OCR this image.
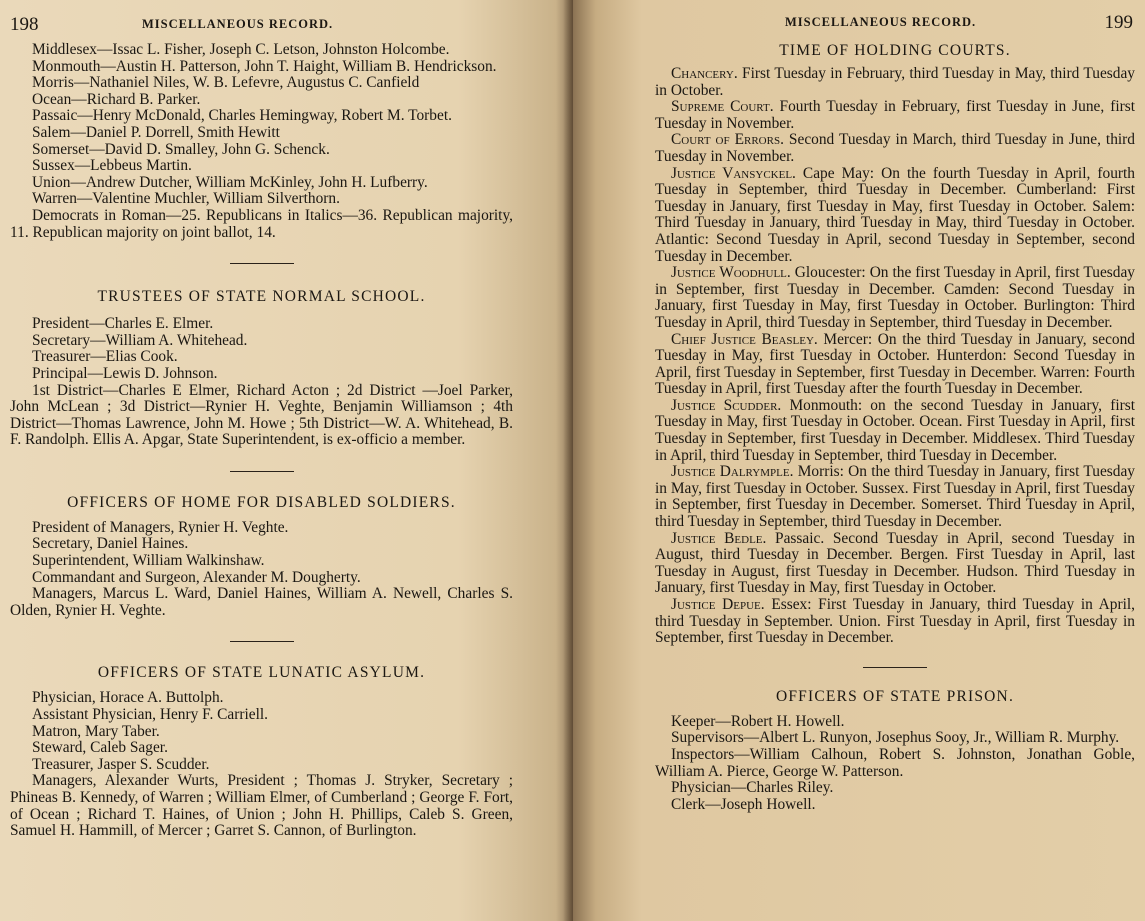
198	MISCELLANEOUS RECORD.

Middlesex—Issac L. Fisher, Joseph C. Letson, Johnston Holcombe.

Monmouth—Austin H. Patterson, John T. Haight, William B. Hendrickson.

Morris—Nathaniel Niles, W. B. Lefevre, Augustus C. Canfield

Ocean—Richard B. Parker.

Passaic—Henry McDonald, Charles Hemingway, Robert M. Torbet.

Salem—Daniel P. Dorrell, Smith Hewitt

Somerset—David D. Smalley, John G. Schenck.

Sussex—Lebbeus Martin.

Union—Andrew Dutcher, William McKinley, John H. Lufberry.

Warren—Valentine Muchler, William Silverthorn.

Democrats in Roman—25. Republicans in Italics—36. Republican majority, 11. Republican majority on joint ballot, 14.

TRUSTEES OF STATE NORMAL SCHOOL.

President—Charles E. Elmer.

Secretary—William A. Whitehead.

Treasurer—Elias Cook.

Principal—Lewis D. Johnson.

1st District—Charles E Elmer, Richard Acton ; 2d District —Joel Parker, John McLean ; 3d District—Rynier H. Veghte, Benjamin Williamson ; 4th District—Thomas Lawrence, John M. Howe ; 5th District—W. A. Whitehead, B. F. Randolph. Ellis A. Apgar, State Superintendent, is ex-officio a member.

OFFICERS OF HOME FOR DISABLED SOLDIERS.

President of Managers, Rynier H. Veghte.

Secretary, Daniel Haines.

Superintendent, William Walkinshaw.

Commandant and Surgeon, Alexander M. Dougherty.

Managers, Marcus L. Ward, Daniel Haines, William A. Newell, Charles S. Olden, Rynier H. Veghte.

OFFICERS OF STATE LUNATIC ASYLUM.

Physician, Horace A. Buttolph.

Assistant Physician, Henry F. Carriell.

Matron, Mary Taber.

Steward, Caleb Sager.

Treasurer, Jasper S. Scudder.

Managers, Alexander Wurts, President ; Thomas J. Stryker, Secretary ; Phineas B. Kennedy, of Warren ; William Elmer, of Cumberland ; George F. Fort, of Ocean ; Richard T. Haines, of Union ; John H. Phillips, Caleb S. Green, Samuel H. Hammill, of Mercer ; Garret S. Cannon, of Burlington.

MISCELLANEOUS RECORD.	199
TIME OF HOLDING COURTS.

Chancery. First Tuesday in February, third Tuesday in May, third Tuesday in October.

Supreme Court. Fourth Tuesday in February, first Tuesday in June, first Tuesday in November.

Court of Errors. Second Tuesday in March, third Tuesday in June, third Tuesday in November.

Justice Vansyckel. Cape May: On the fourth Tuesday in April, fourth Tuesday in September, third Tuesday in December. Cumberland: First Tuesday in January, first Tuesday in May, first Tuesday in October. Salem: Third Tuesday in January, third Tuesday in May, third Tuesday in October. Atlantic: Second Tuesday in April, second Tuesday in September, second Tuesday in December.

Justice Woodhull. Gloucester: On the first Tuesday in April, first Tuesday in September, first Tuesday in December. Camden: Second Tuesday in January, first Tuesday in May, first Tuesday in October. Burlington: Third Tuesday in April, third Tuesday in September, third Tuesday in December.

Chief Justice Beasley. Mercer: On the third Tuesday in January, second Tuesday in May, first Tuesday in October. Hunterdon: Second Tuesday in April, first Tuesday in September, first Tuesday in December. Warren: Fourth Tuesday in April, first Tuesday after the fourth Tuesday in December.

Justice Scudder. Monmouth: on the second Tuesday in January, first Tuesday in May, first Tuesday in October. Ocean. First Tuesday in April, first Tuesday in September, first Tuesday in December. Middlesex. Third Tuesday in April, third Tuesday in September, third Tuesday in December.

Justice Dalrymple. Morris: On the third Tuesday in January, first Tuesday in May, first Tuesday in October. Sussex. First Tuesday in April, first Tuesday in September, first Tuesday in December. Somerset. Third Tuesday in April, third Tuesday in September, third Tuesday in December.

Justice Bedle. Passaic. Second Tuesday in April, second Tuesday in August, third Tuesday in December. Bergen. First Tuesday in April, last Tuesday in August, first Tuesday in December. Hudson. Third Tuesday in January, first Tuesday in May, first Tuesday in October.

Justice Depue. Essex: First Tuesday in January, third Tuesday in April, third Tuesday in September. Union. First Tuesday in April, first Tuesday in September, first Tuesday in December.

OFFICERS OF STATE PRISON.

Keeper—Robert H. Howell.

Supervisors—Albert L. Runyon, Josephus Sooy, Jr., William R. Murphy.

Inspectors—William Calhoun, Robert S. Johnston, Jonathan Goble, William A. Pierce, George W. Patterson.

Physician—Charles Riley.

Clerk—Joseph Howell.
